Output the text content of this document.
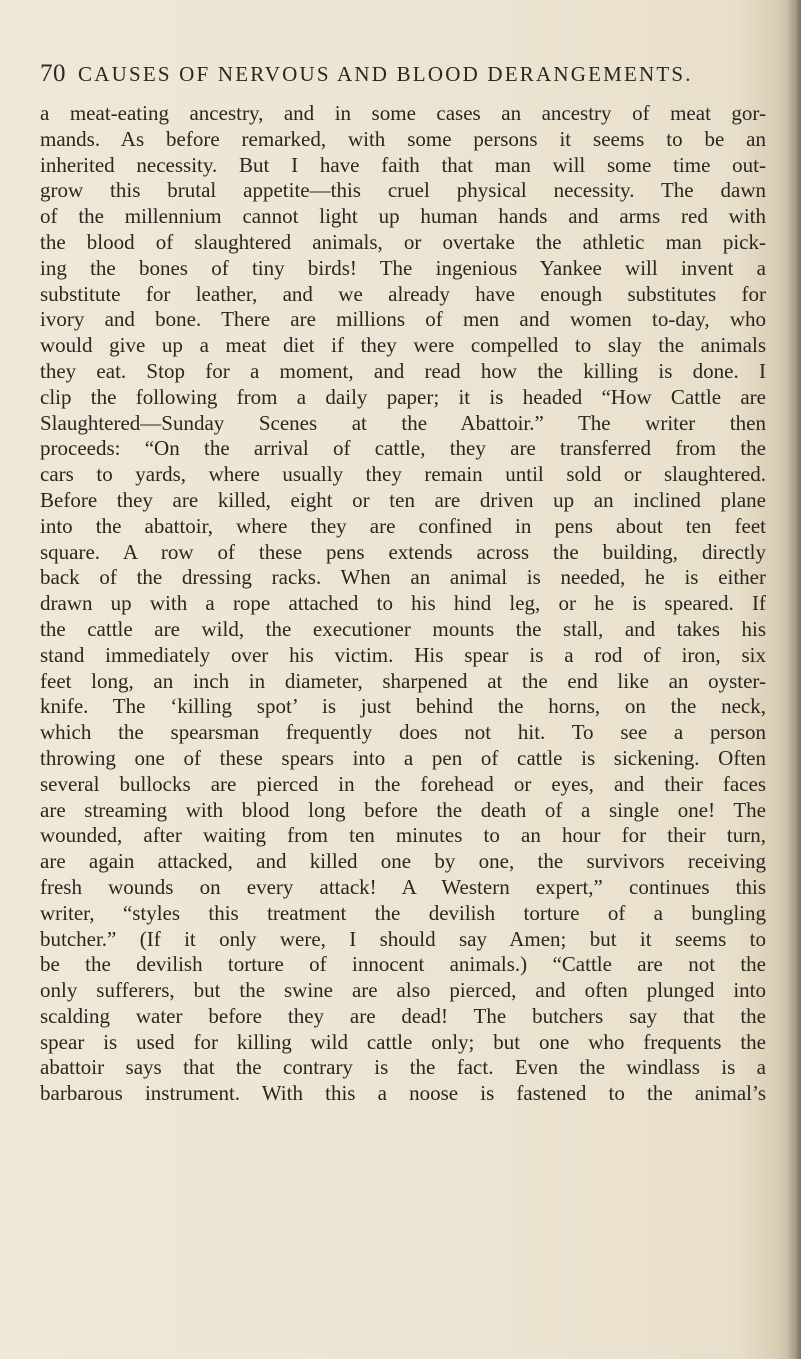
70 CAUSES OF NERVOUS AND BLOOD DERANGEMENTS.
a meat-eating ancestry, and in some cases an ancestry of meat gor-
mands. As before remarked, with some persons it seems to be an
inherited necessity. But I have faith that man will some time out-
grow this brutal appetite—this cruel physical necessity. The dawn
of the millennium cannot light up human hands and arms red with
the blood of slaughtered animals, or overtake the athletic man pick-
ing the bones of tiny birds! The ingenious Yankee will invent a
substitute for leather, and we already have enough substitutes for
ivory and bone. There are millions of men and women to-day, who
would give up a meat diet if they were compelled to slay the animals
they eat. Stop for a moment, and read how the killing is done. I
clip the following from a daily paper; it is headed “How Cattle are
Slaughtered—Sunday Scenes at the Abattoir.” The writer then
proceeds: “On the arrival of cattle, they are transferred from the
cars to yards, where usually they remain until sold or slaughtered.
Before they are killed, eight or ten are driven up an inclined plane
into the abattoir, where they are confined in pens about ten feet
square. A row of these pens extends across the building, directly
back of the dressing racks. When an animal is needed, he is either
drawn up with a rope attached to his hind leg, or he is speared. If
the cattle are wild, the executioner mounts the stall, and takes his
stand immediately over his victim. His spear is a rod of iron, six
feet long, an inch in diameter, sharpened at the end like an oyster-
knife. The ‘killing spot’ is just behind the horns, on the neck,
which the spearsman frequently does not hit. To see a person
throwing one of these spears into a pen of cattle is sickening. Often
several bullocks are pierced in the forehead or eyes, and their faces
are streaming with blood long before the death of a single one! The
wounded, after waiting from ten minutes to an hour for their turn,
are again attacked, and killed one by one, the survivors receiving
fresh wounds on every attack! A Western expert,” continues this
writer, “styles this treatment the devilish torture of a bungling
butcher.” (If it only were, I should say Amen; but it seems to
be the devilish torture of innocent animals.) “Cattle are not the
only sufferers, but the swine are also pierced, and often plunged into
scalding water before they are dead! The butchers say that the
spear is used for killing wild cattle only; but one who frequents the
abattoir says that the contrary is the fact. Even the windlass is a
barbarous instrument. With this a noose is fastened to the animal’s
